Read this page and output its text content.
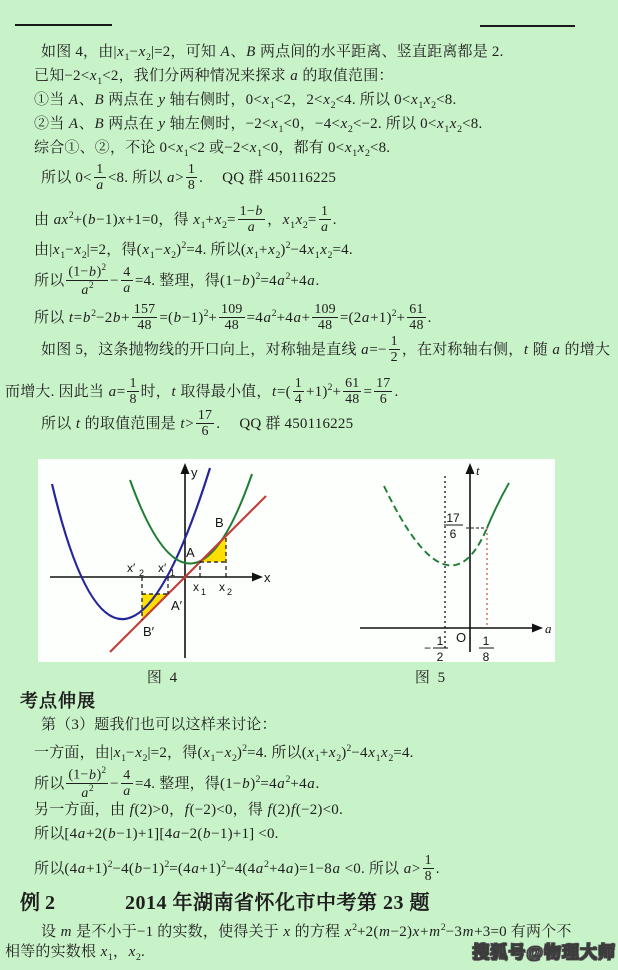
如图 4，由$|x_1-x_2|=2$，可知 A、B 两点间的水平距离、竖直距离都是 2.
已知$-2<x_1<2$，我们分两种情况来探求 a 的取值范围：
①当 A、B 两点在 y 轴右侧时，$0<x_1<2$，$2<x_2<4$. 所以 $0<x_1x_2<8$.
②当 A、B 两点在 y 轴左侧时，$-2<x_1<0$，$-4<x_2<-2$. 所以 $0<x_1x_2<8$.
综合①、②，不论 $0<x_1<2$ 或$-2<x_1<0$，都有 $0<x_1x_2<8$.
所以 $0< \frac{1}{a} <8$. 所以 $a> \frac{1}{8}$ .　 QQ 群 450116225
由 $ax^2+(b-1)x+1=0$，得 $x_1+x_2= \frac{1-b}{a}$ ，$x_1x_2= \frac{1}{a}$ .
由$|x_1-x_2|=2$，得$(x_1-x_2)^2=4$. 所以$(x_1+x_2)^2-4x_1x_2=4$.
所以 $\frac{(1-b)^2}{a^2} - \frac{4}{a} =4$. 整理，得$(1-b)^2=4a^2+4a$.
所以 $t=b^2-2b+ \frac{157}{48} =(b-1)^2+ \frac{109}{48} =4a^2+4a+ \frac{109}{48} =(2a+1)^2+ \frac{61}{48}$ .
如图 5，这条抛物线的开口向上，对称轴是直线 $a=- \frac{1}{2}$ ，在对称轴右侧，t 随 a 的增大
而增大. 因此当 $a= \frac{1}{8}$ 时，t 取得最小值，$t=( \frac{1}{4} +1)^2+ \frac{61}{48} = \frac{17}{6}$ .
所以 t 的取值范围是 $t> \frac{17}{6}$ .　 QQ 群 450116225
y
x
A
B
A′
B′
x′ 2 x′ 1
x 1 x 2
t
a
O
17
6
− 1
2
1
8
图 4	图 5
考点伸展
第（3）题我们也可以这样来讨论：
一方面，由$|x_1-x_2|=2$，得$(x_1-x_2)^2=4$. 所以$(x_1+x_2)^2-4x_1x_2=4$.
所以 $\frac{(1-b)^2}{a^2} - \frac{4}{a} =4$. 整理，得$(1-b)^2=4a^2+4a$.
另一方面，由 f(2)>0，f(−2)<0，得 f(2)f(−2)<0.
所以[4a+2(b−1)+1][4a−2(b−1)+1] <0.
所以$(4a+1)^2-4(b-1)^2=(4a+1)^2-4(4a^2+4a)=1-8a <0$. 所以 $a> \frac{1}{8}$ .
例 2	2014 年湖南省怀化市中考第 23 题
设 m 是不小于−1 的实数，使得关于 x 的方程 $x^2+2(m-2)x+m^2-3m+3=0$ 有两个不
相等的实数根 $x_1$，$x_2$.	搜狐号@物理大师
